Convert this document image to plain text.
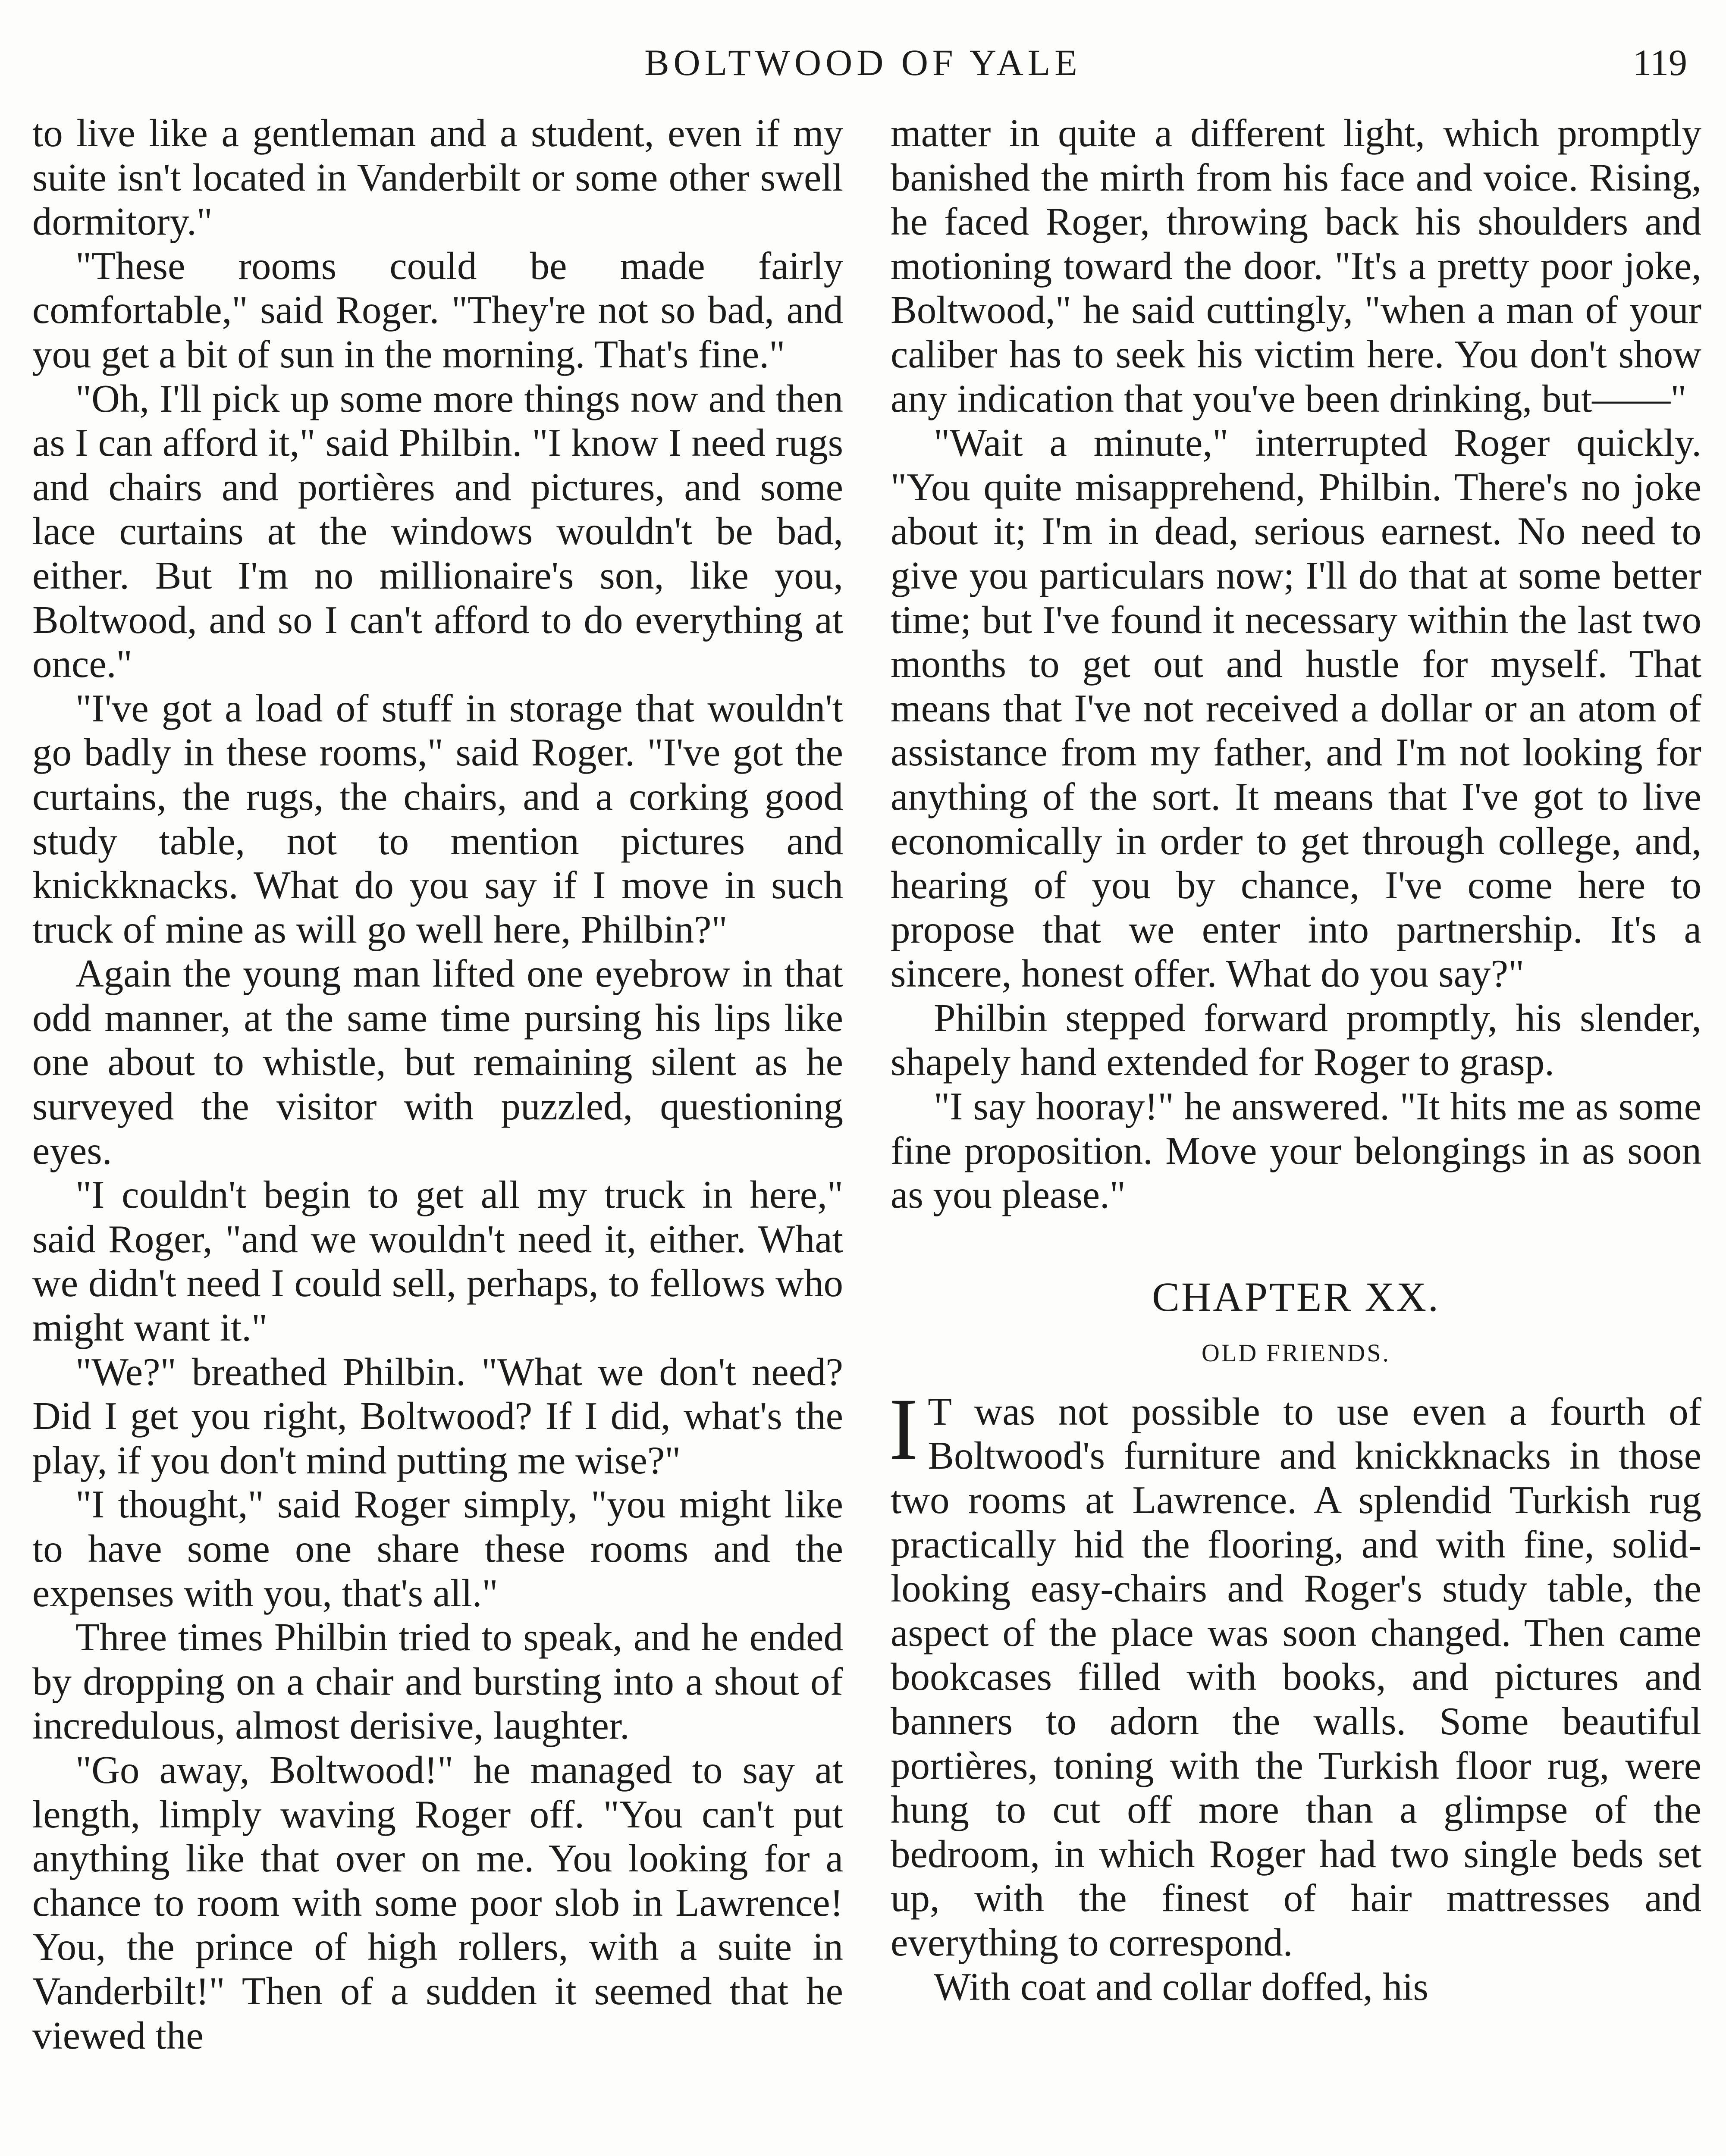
BOLTWOOD OF YALE	119

to live like a gentleman and a student, even if my suite isn't located in Vanderbilt or some other swell dormitory."

"These rooms could be made fairly comfortable," said Roger. "They're not so bad, and you get a bit of sun in the morning. That's fine."

"Oh, I'll pick up some more things now and then as I can afford it," said Philbin. "I know I need rugs and chairs and portières and pictures, and some lace curtains at the windows wouldn't be bad, either. But I'm no millionaire's son, like you, Boltwood, and so I can't afford to do everything at once."

"I've got a load of stuff in storage that wouldn't go badly in these rooms," said Roger. "I've got the curtains, the rugs, the chairs, and a corking good study table, not to mention pictures and knickknacks. What do you say if I move in such truck of mine as will go well here, Philbin?"

Again the young man lifted one eyebrow in that odd manner, at the same time pursing his lips like one about to whistle, but remaining silent as he surveyed the visitor with puzzled, questioning eyes.

"I couldn't begin to get all my truck in here," said Roger, "and we wouldn't need it, either. What we didn't need I could sell, perhaps, to fellows who might want it."

"We?" breathed Philbin. "What we don't need? Did I get you right, Boltwood? If I did, what's the play, if you don't mind putting me wise?"

"I thought," said Roger simply, "you might like to have some one share these rooms and the expenses with you, that's all."

Three times Philbin tried to speak, and he ended by dropping on a chair and bursting into a shout of incredulous, almost derisive, laughter.

"Go away, Boltwood!" he managed to say at length, limply waving Roger off. "You can't put anything like that over on me. You looking for a chance to room with some poor slob in Lawrence! You, the prince of high rollers, with a suite in Vanderbilt!" Then of a sudden it seemed that he viewed the

matter in quite a different light, which promptly banished the mirth from his face and voice. Rising, he faced Roger, throwing back his shoulders and motioning toward the door. "It's a pretty poor joke, Boltwood," he said cuttingly, "when a man of your caliber has to seek his victim here. You don't show any indication that you've been drinking, but——"

"Wait a minute," interrupted Roger quickly. "You quite misapprehend, Philbin. There's no joke about it; I'm in dead, serious earnest. No need to give you particulars now; I'll do that at some better time; but I've found it necessary within the last two months to get out and hustle for myself. That means that I've not received a dollar or an atom of assistance from my father, and I'm not looking for anything of the sort. It means that I've got to live economically in order to get through college, and, hearing of you by chance, I've come here to propose that we enter into partnership. It's a sincere, honest offer. What do you say?"

Philbin stepped forward promptly, his slender, shapely hand extended for Roger to grasp.

"I say hooray!" he answered. "It hits me as some fine proposition. Move your belongings in as soon as you please."

CHAPTER XX.
OLD FRIENDS.

I T was not possible to use even a fourth of Boltwood's furniture and knickknacks in those two rooms at Lawrence. A splendid Turkish rug practically hid the flooring, and with fine, solid-looking easy-chairs and Roger's study table, the aspect of the place was soon changed. Then came bookcases filled with books, and pictures and banners to adorn the walls. Some beautiful portières, toning with the Turkish floor rug, were hung to cut off more than a glimpse of the bedroom, in which Roger had two single beds set up, with the finest of hair mattresses and everything to correspond.

With coat and collar doffed, his
